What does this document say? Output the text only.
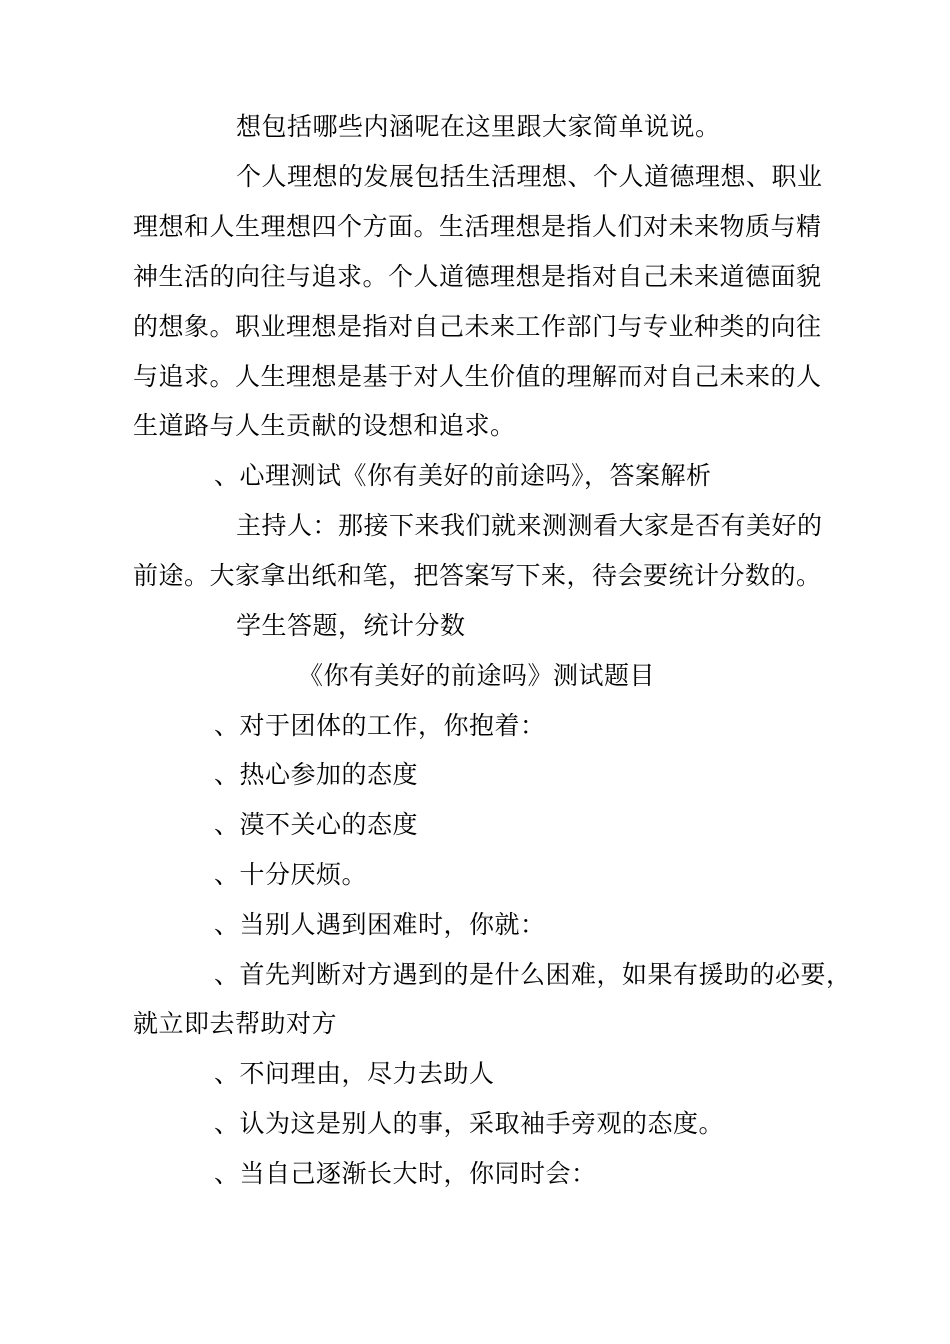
想包括哪些内涵呢在这里跟大家简单说说。
个人理想的发展包括生活理想、个人道德理想、职业
理想和人生理想四个方面。生活理想是指人们对未来物质与精
神生活的向往与追求。个人道德理想是指对自己未来道德面貌
的想象。职业理想是指对自己未来工作部门与专业种类的向往
与追求。人生理想是基于对人生价值的理解而对自己未来的人
生道路与人生贡献的设想和追求。
、心理测试《你有美好的前途吗》，答案解析
主持人：那接下来我们就来测测看大家是否有美好的
前途。大家拿出纸和笔，把答案写下来，待会要统计分数的。
学生答题，统计分数
《你有美好的前途吗》测试题目
、对于团体的工作，你抱着：
、热心参加的态度
、漠不关心的态度
、十分厌烦。
、当别人遇到困难时，你就：
、首先判断对方遇到的是什么困难，如果有援助的必要，
就立即去帮助对方
、不问理由，尽力去助人
、认为这是别人的事，采取袖手旁观的态度。
、当自己逐渐长大时，你同时会：
